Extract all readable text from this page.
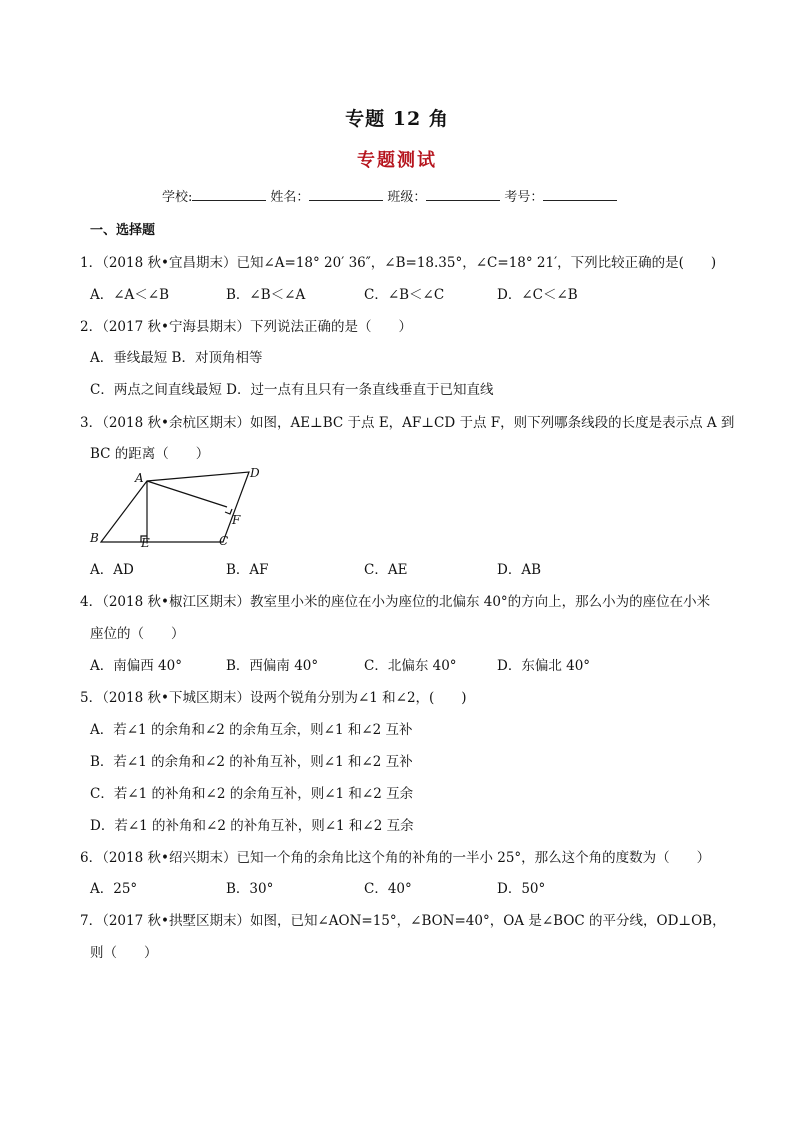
专题 12 角
专题测试
学校:	姓名：	班级：	考号：
一、选择题
1．（2018 秋•宜昌期末）已知∠A=18° 20′ 36″，∠B=18.35°，∠C=18° 21′，下列比较正确的是(　　)
A．∠A＜∠B	B．∠B＜∠A	C．∠B＜∠C	D．∠C＜∠B
2．（2017 秋•宁海县期末）下列说法正确的是（　　）
A．垂线最短 B．对顶角相等
C．两点之间直线最短 D．过一点有且只有一条直线垂直于已知直线
3．（2018 秋•余杭区期末）如图，AE⊥BC 于点 E，AF⊥CD 于点 F，则下列哪条线段的长度是表示点 A 到
BC 的距离（　　）
A	D
F
B	E	C
A．AD	B．AF	C．AE	D．AB
4．（2018 秋•椒江区期末）教室里小米的座位在小为座位的北偏东 40°的方向上，那么小为的座位在小米
座位的（　　）
A．南偏西 40°	B．西偏南 40°	C．北偏东 40°	D．东偏北 40°
5．（2018 秋•下城区期末）设两个锐角分别为∠1 和∠2，(　　)
A．若∠1 的余角和∠2 的余角互余，则∠1 和∠2 互补
B．若∠1 的余角和∠2 的补角互补，则∠1 和∠2 互补
C．若∠1 的补角和∠2 的余角互补，则∠1 和∠2 互余
D．若∠1 的补角和∠2 的补角互补，则∠1 和∠2 互余
6．（2018 秋•绍兴期末）已知一个角的余角比这个角的补角的一半小 25°，那么这个角的度数为（　　）
A．25°	B．30°	C．40°	D．50°
7．（2017 秋•拱墅区期末）如图，已知∠AON=15°，∠BON=40°，OA 是∠BOC 的平分线，OD⊥OB，
则（　　）
